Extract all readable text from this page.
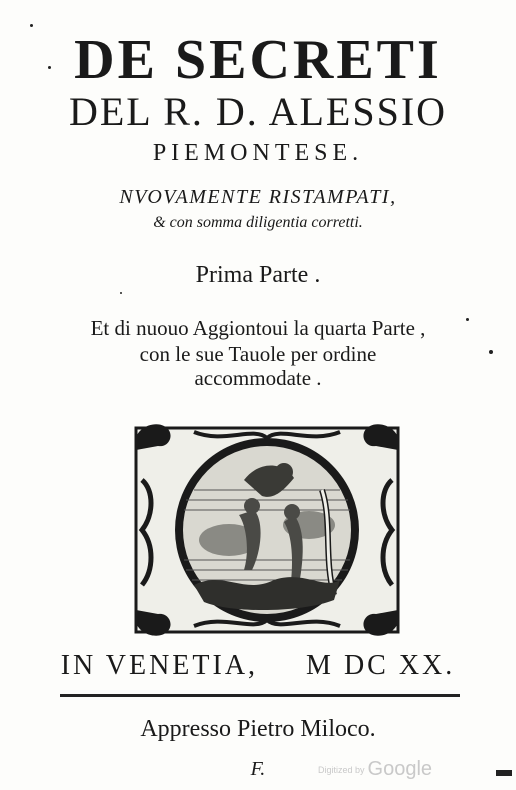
DE SECRETI
DEL R. D. ALESSIO
PIEMONTESE.
NVOVAMENTE RISTAMPATI,
& con somma diligentia corretti.
Prima Parte .
Et di nuouo Aggiontoui la quarta Parte ,
con le sue Tauole per ordine
accommodate .
IN VENETIA, M DC XX.
Appresso Pietro Miloco.
F.	Digitized by Google
